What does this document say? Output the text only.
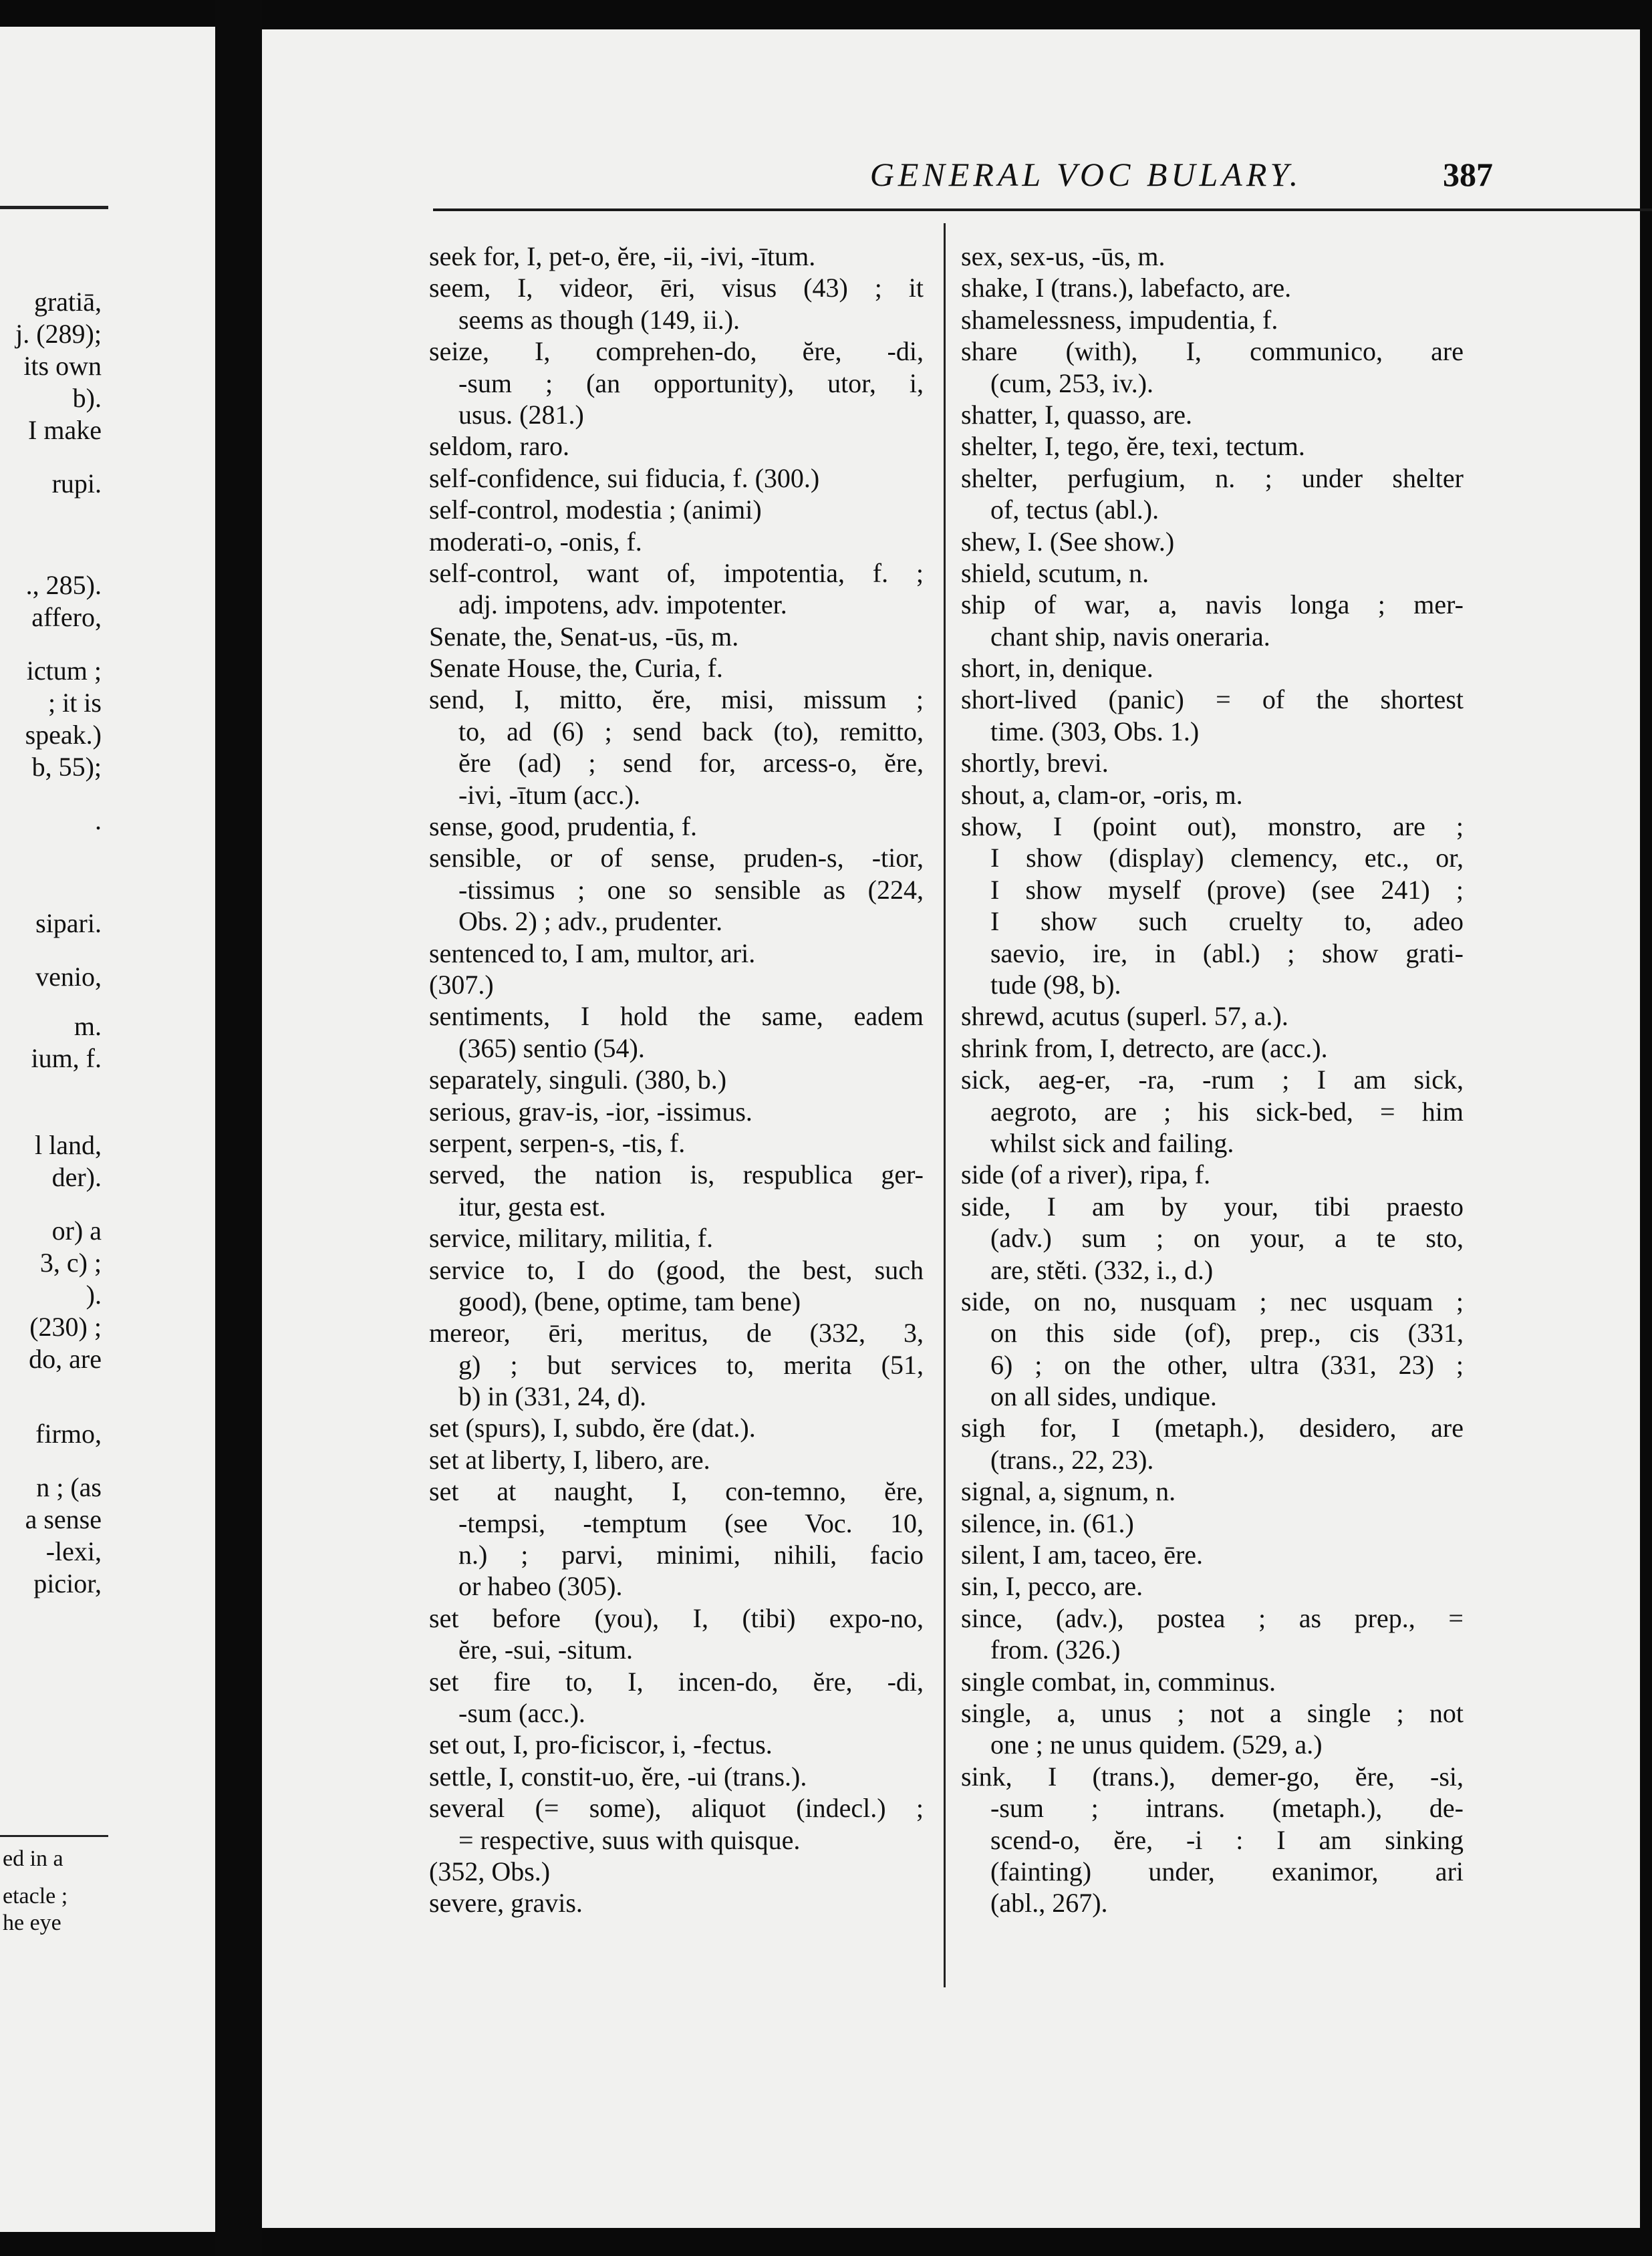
gratiā,
j. (289);
its own
b).
I make
rupi.
., 285).
affero,
ictum ;
; it is
speak.)
b, 55);
.
sipari.
venio,
m.
ium, f.
l land,
der).
or) a
3, c) ;
).
(230) ;
do, are
firmo,
n ; (as
a sense
-lexi,
picior,
ed in a
etacle ;
he eye
GENERAL VOC BULARY.	387
seek for, I, pet-o, ĕre, -ii, -ivi, -ītum.
seem, I, videor, ēri, visus (43) ; it
seems as though (149, ii.).
seize, I, comprehen-do, ĕre, -di,
-sum ; (an opportunity), utor, i,
usus. (281.)
seldom, raro.
self-confidence, sui fiducia, f. (300.)
self-control, modestia ; (animi)
moderati-o, -onis, f.
self-control, want of, impotentia, f. ;
adj. impotens, adv. impotenter.
Senate, the, Senat-us, -ūs, m.
Senate House, the, Curia, f.
send, I, mitto, ĕre, misi, missum ;
to, ad (6) ; send back (to), remitto,
ĕre (ad) ; send for, arcess-o, ĕre,
-ivi, -ītum (acc.).
sense, good, prudentia, f.
sensible, or of sense, pruden-s, -tior,
-tissimus ; one so sensible as (224,
Obs. 2) ; adv., prudenter.
sentenced to, I am, multor, ari.
(307.)
sentiments, I hold the same, eadem
(365) sentio (54).
separately, singuli. (380, b.)
serious, grav-is, -ior, -issimus.
serpent, serpen-s, -tis, f.
served, the nation is, respublica ger-
itur, gesta est.
service, military, militia, f.
service to, I do (good, the best, such
good), (bene, optime, tam bene)
mereor, ēri, meritus, de (332, 3,
g) ; but services to, merita (51,
b) in (331, 24, d).
set (spurs), I, subdo, ĕre (dat.).
set at liberty, I, libero, are.
set at naught, I, con-temno, ĕre,
-tempsi, -temptum (see Voc. 10,
n.) ; parvi, minimi, nihili, facio
or habeo (305).
set before (you), I, (tibi) expo-no,
ĕre, -sui, -situm.
set fire to, I, incen-do, ĕre, -di,
-sum (acc.).
set out, I, pro-ficiscor, i, -fectus.
settle, I, constit-uo, ĕre, -ui (trans.).
several (= some), aliquot (indecl.) ;
= respective, suus with quisque.
(352, Obs.)
severe, gravis.
sex, sex-us, -ūs, m.
shake, I (trans.), labefacto, are.
shamelessness, impudentia, f.
share (with), I, communico, are
(cum, 253, iv.).
shatter, I, quasso, are.
shelter, I, tego, ĕre, texi, tectum.
shelter, perfugium, n. ; under shelter
of, tectus (abl.).
shew, I. (See show.)
shield, scutum, n.
ship of war, a, navis longa ; mer-
chant ship, navis oneraria.
short, in, denique.
short-lived (panic) = of the shortest
time. (303, Obs. 1.)
shortly, brevi.
shout, a, clam-or, -oris, m.
show, I (point out), monstro, are ;
I show (display) clemency, etc., or,
I show myself (prove) (see 241) ;
I show such cruelty to, adeo
saevio, ire, in (abl.) ; show grati-
tude (98, b).
shrewd, acutus (superl. 57, a.).
shrink from, I, detrecto, are (acc.).
sick, aeg-er, -ra, -rum ; I am sick,
aegroto, are ; his sick-bed, = him
whilst sick and failing.
side (of a river), ripa, f.
side, I am by your, tibi praesto
(adv.) sum ; on your, a te sto,
are, stĕti. (332, i., d.)
side, on no, nusquam ; nec usquam ;
on this side (of), prep., cis (331,
6) ; on the other, ultra (331, 23) ;
on all sides, undique.
sigh for, I (metaph.), desidero, are
(trans., 22, 23).
signal, a, signum, n.
silence, in. (61.)
silent, I am, taceo, ēre.
sin, I, pecco, are.
since, (adv.), postea ; as prep., =
from. (326.)
single combat, in, comminus.
single, a, unus ; not a single ; not
one ; ne unus quidem. (529, a.)
sink, I (trans.), demer-go, ĕre, -si,
-sum ; intrans. (metaph.), de-
scend-o, ĕre, -i : I am sinking
(fainting) under, exanimor, ari
(abl., 267).
